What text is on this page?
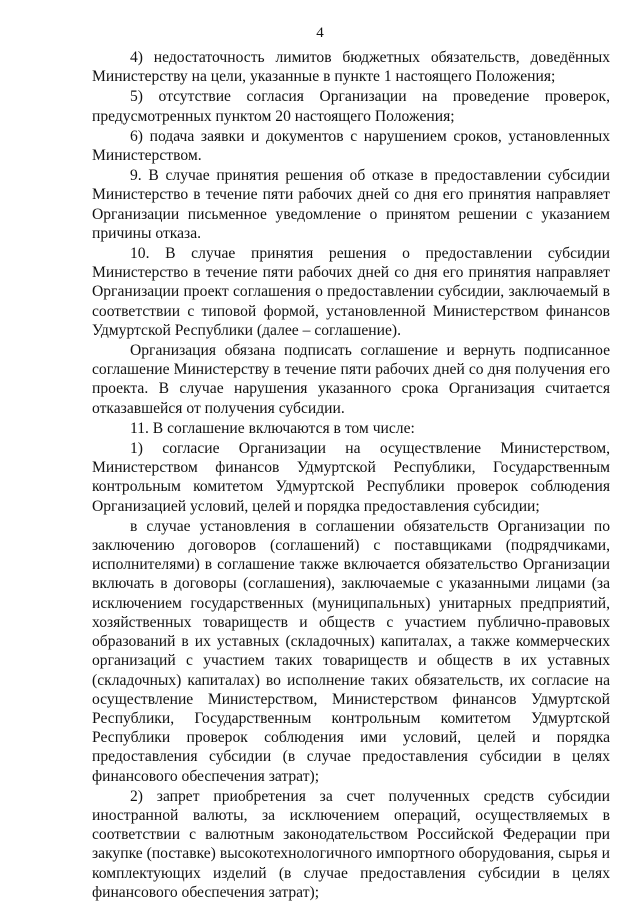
4

4) недостаточность лимитов бюджетных обязательств, доведённых Министерству на цели, указанные в пункте 1 настоящего Положения;

5) отсутствие согласия Организации на проведение проверок, предусмотренных пунктом 20 настоящего Положения;

6) подача заявки и документов с нарушением сроков, установленных Министерством.

9. В случае принятия решения об отказе в предоставлении субсидии Министерство в течение пяти рабочих дней со дня его принятия направляет Организации письменное уведомление о принятом решении с указанием причины отказа.

10. В случае принятия решения о предоставлении субсидии Министерство в течение пяти рабочих дней со дня его принятия направляет Организации проект соглашения о предоставлении субсидии, заключаемый в соответствии с типовой формой, установленной Министерством финансов Удмуртской Республики (далее – соглашение).

Организация обязана подписать соглашение и вернуть подписанное соглашение Министерству в течение пяти рабочих дней со дня получения его проекта. В случае нарушения указанного срока Организация считается отказавшейся от получения субсидии.

11. В соглашение включаются в том числе:

1) согласие Организации на осуществление Министерством, Министерством финансов Удмуртской Республики, Государственным контрольным комитетом Удмуртской Республики проверок соблюдения Организацией условий, целей и порядка предоставления субсидии;

в случае установления в соглашении обязательств Организации по заключению договоров (соглашений) с поставщиками (подрядчиками, исполнителями) в соглашение также включается обязательство Организации включать в договоры (соглашения), заключаемые с указанными лицами (за исключением государственных (муниципальных) унитарных предприятий, хозяйственных товариществ и обществ с участием публично-правовых образований в их уставных (складочных) капиталах, а также коммерческих организаций с участием таких товариществ и обществ в их уставных (складочных) капиталах) во исполнение таких обязательств, их согласие на осуществление Министерством, Министерством финансов Удмуртской Республики, Государственным контрольным комитетом Удмуртской Республики проверок соблюдения ими условий, целей и порядка предоставления субсидии (в случае предоставления субсидии в целях финансового обеспечения затрат);

2) запрет приобретения за счет полученных средств субсидии иностранной валюты, за исключением операций, осуществляемых в соответствии с валютным законодательством Российской Федерации при закупке (поставке) высокотехнологичного импортного оборудования, сырья и комплектующих изделий (в случае предоставления субсидии в целях финансового обеспечения затрат);
